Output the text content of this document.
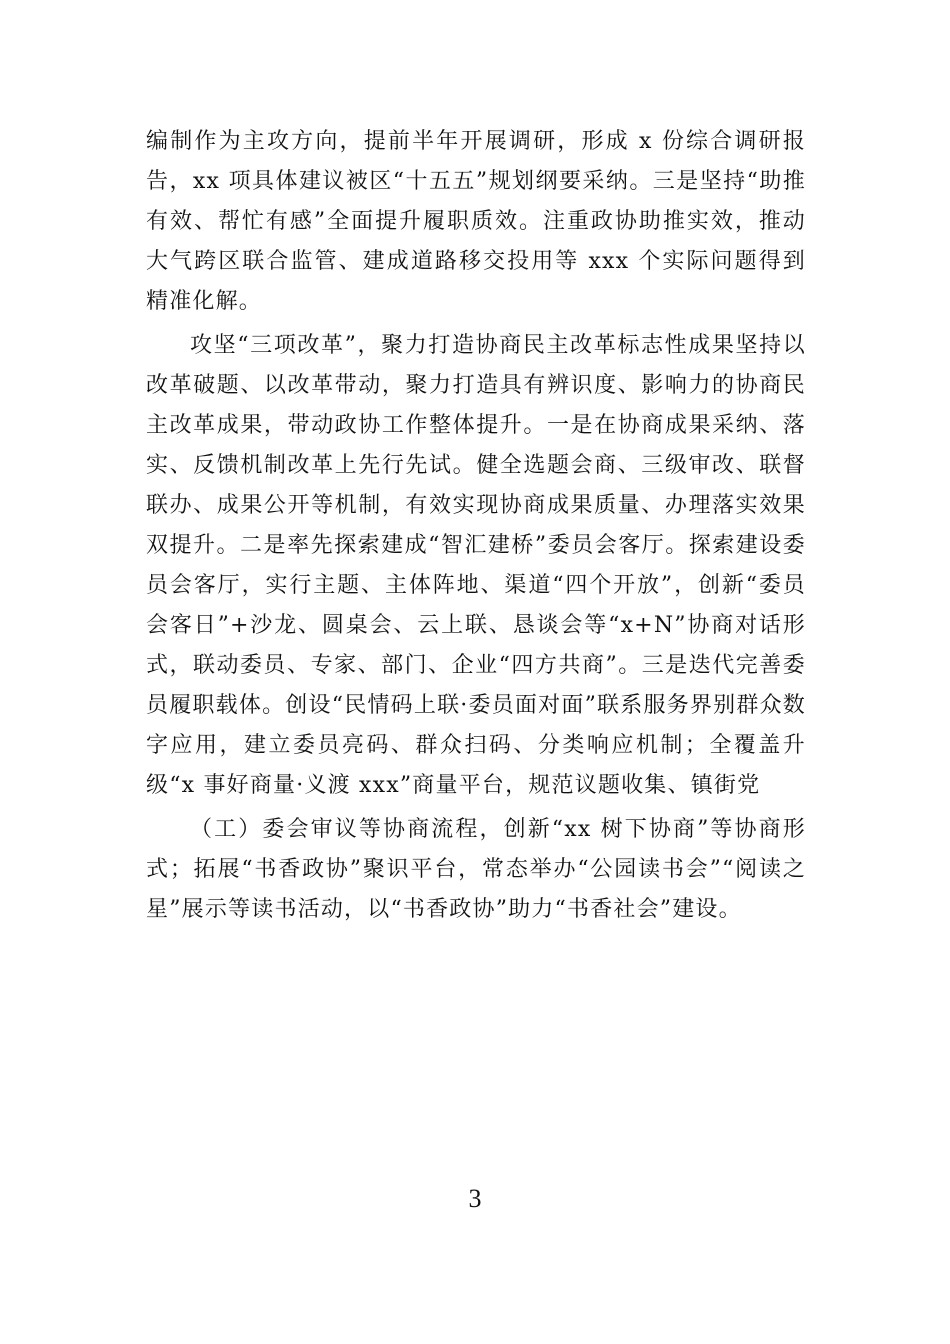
编制作为主攻方向，提前半年开展调研，形成 x 份综合调研报告，xx 项具体建议被区“十五五”规划纲要采纳。三是坚持“助推有效、帮忙有感”全面提升履职质效。注重政协助推实效，推动大气跨区联合监管、建成道路移交投用等 xxx 个实际问题得到精准化解。

攻坚“三项改革”，聚力打造协商民主改革标志性成果坚持以改革破题、以改革带动，聚力打造具有辨识度、影响力的协商民主改革成果，带动政协工作整体提升。一是在协商成果采纳、落实、反馈机制改革上先行先试。健全选题会商、三级审改、联督联办、成果公开等机制，有效实现协商成果质量、办理落实效果双提升。二是率先探索建成“智汇建桥”委员会客厅。探索建设委员会客厅，实行主题、主体阵地、渠道“四个开放”，创新“委员会客日”+沙龙、圆桌会、云上联、恳谈会等“x+N”协商对话形式，联动委员、专家、部门、企业“四方共商”。三是迭代完善委员履职载体。创设“民情码上联·委员面对面”联系服务界别群众数字应用，建立委员亮码、群众扫码、分类响应机制；全覆盖升级“x 事好商量·义渡 xxx”商量平台，规范议题收集、镇街党

（工）委会审议等协商流程，创新“xx 树下协商”等协商形式；拓展“书香政协”聚识平台，常态举办“公园读书会”“阅读之星”展示等读书活动，以“书香政协”助力“书香社会”建设。

3
